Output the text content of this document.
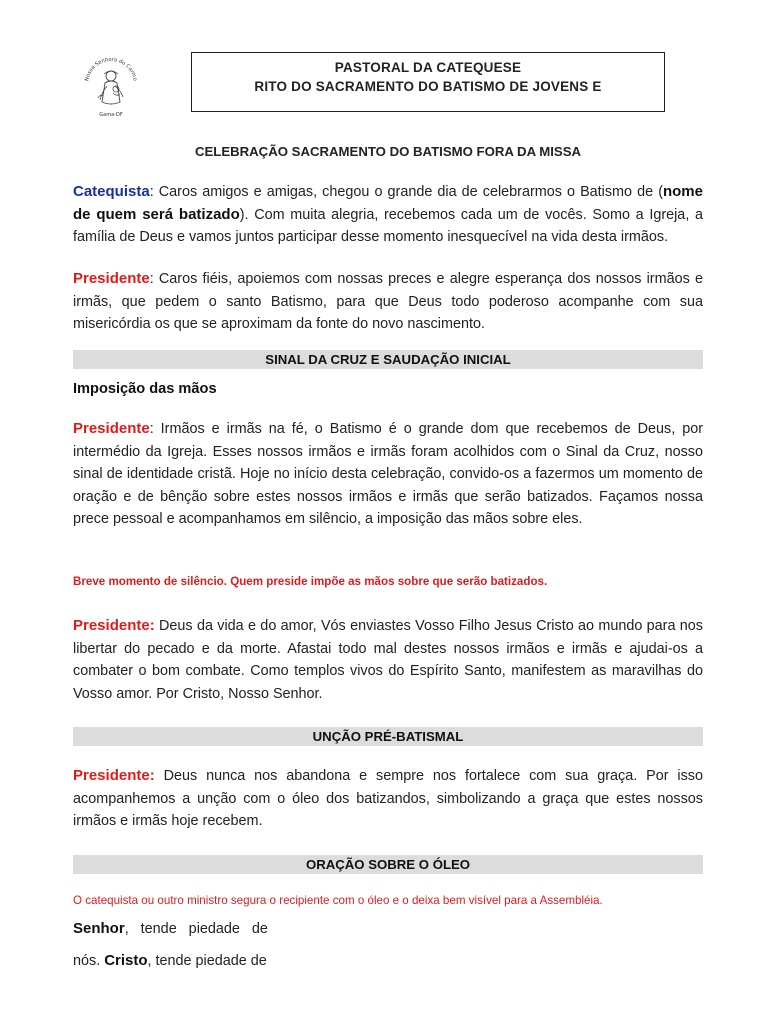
Nossa Senhora do Carmo
Gama-DF
PASTORAL DA CATEQUESE
RITO DO SACRAMENTO DO BATISMO DE JOVENS E
CELEBRAÇÃO SACRAMENTO DO BATISMO FORA DA MISSA
Catequista: Caros amigos e amigas, chegou o grande dia de celebrarmos o Batismo de (nome de quem será batizado). Com muita alegria, recebemos cada um de vocês. Somo a Igreja, a família de Deus e vamos juntos participar desse momento inesquecível na vida desta irmãos.
Presidente: Caros fiéis, apoiemos com nossas preces e alegre esperança dos nossos irmãos e irmãs, que pedem o santo Batismo, para que Deus todo poderoso acompanhe com sua misericórdia os que se aproximam da fonte do novo nascimento.
SINAL DA CRUZ E SAUDAÇÃO INICIAL
Imposição das mãos
Presidente: Irmãos e irmãs na fé, o Batismo é o grande dom que recebemos de Deus, por intermédio da Igreja. Esses nossos irmãos e irmãs foram acolhidos com o Sinal da Cruz, nosso sinal de identidade cristã. Hoje no início desta celebração, convido-os a fazermos um momento de oração e de bênção sobre estes nossos irmãos e irmãs que serão batizados. Façamos nossa prece pessoal e acompanhamos em silêncio, a imposição das mãos sobre eles.
Breve momento de silêncio. Quem preside impõe as mãos sobre que serão batizados.
Presidente: Deus da vida e do amor, Vós enviastes Vosso Filho Jesus Cristo ao mundo para nos libertar do pecado e da morte. Afastai todo mal destes nossos irmãos e irmãs e ajudai-os a combater o bom combate. Como templos vivos do Espírito Santo, manifestem as maravilhas do Vosso amor. Por Cristo, Nosso Senhor.
UNÇÃO PRÉ-BATISMAL
Presidente: Deus nunca nos abandona e sempre nos fortalece com sua graça. Por isso acompanhemos a unção com o óleo dos batizandos, simbolizando a graça que estes nossos irmãos e irmãs hoje recebem.
ORAÇÃO SOBRE O ÓLEO
O catequista ou outro ministro segura o recipiente com o óleo e o deixa bem visível para a Assembléia.
Senhor,   tende   piedade   de
nós. Cristo, tende piedade de
